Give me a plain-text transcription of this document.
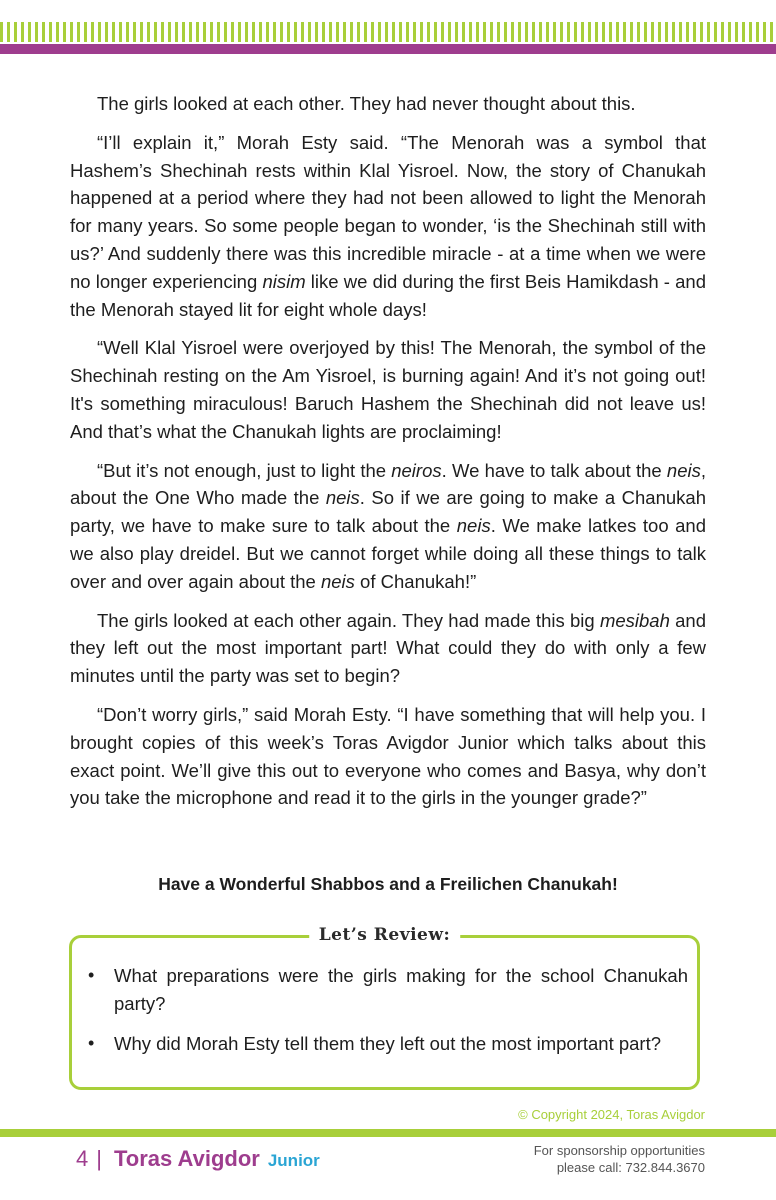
The girls looked at each other. They had never thought about this.

“I’ll explain it,” Morah Esty said. “The Menorah was a symbol that Hashem’s Shechinah rests within Klal Yisroel. Now, the story of Chanukah happened at a period where they had not been allowed to light the Menorah for many years. So some people began to wonder, ‘is the Shechinah still with us?’ And suddenly there was this incredible miracle - at a time when we were no longer experiencing nisim like we did during the first Beis Hamikdash - and the Menorah stayed lit for eight whole days!

“Well Klal Yisroel were overjoyed by this! The Menorah, the symbol of the Shechinah resting on the Am Yisroel, is burning again! And it’s not going out! It's something miraculous! Baruch Hashem the Shechinah did not leave us! And that’s what the Chanukah lights are proclaiming!

“But it’s not enough, just to light the neiros. We have to talk about the neis, about the One Who made the neis. So if we are going to make a Chanukah party, we have to make sure to talk about the neis. We make latkes too and we also play dreidel. But we cannot forget while doing all these things to talk over and over again about the neis of Chanukah!”

The girls looked at each other again. They had made this big mesibah and they left out the most important part! What could they do with only a few minutes until the party was set to begin?

“Don’t worry girls,” said Morah Esty. “I have something that will help you. I brought copies of this week’s Toras Avigdor Junior which talks about this exact point. We’ll give this out to everyone who comes and Basya, why don’t you take the microphone and read it to the girls in the younger grade?”

Have a Wonderful Shabbos and a Freilichen Chanukah!
Let’s Review:
• What preparations were the girls making for the school Chanukah party?
• Why did Morah Esty tell them they left out the most important part?
© Copyright 2024, Toras Avigdor
4 | Toras Avigdor Junior
For sponsorship opportunities
please call: 732.844.3670
